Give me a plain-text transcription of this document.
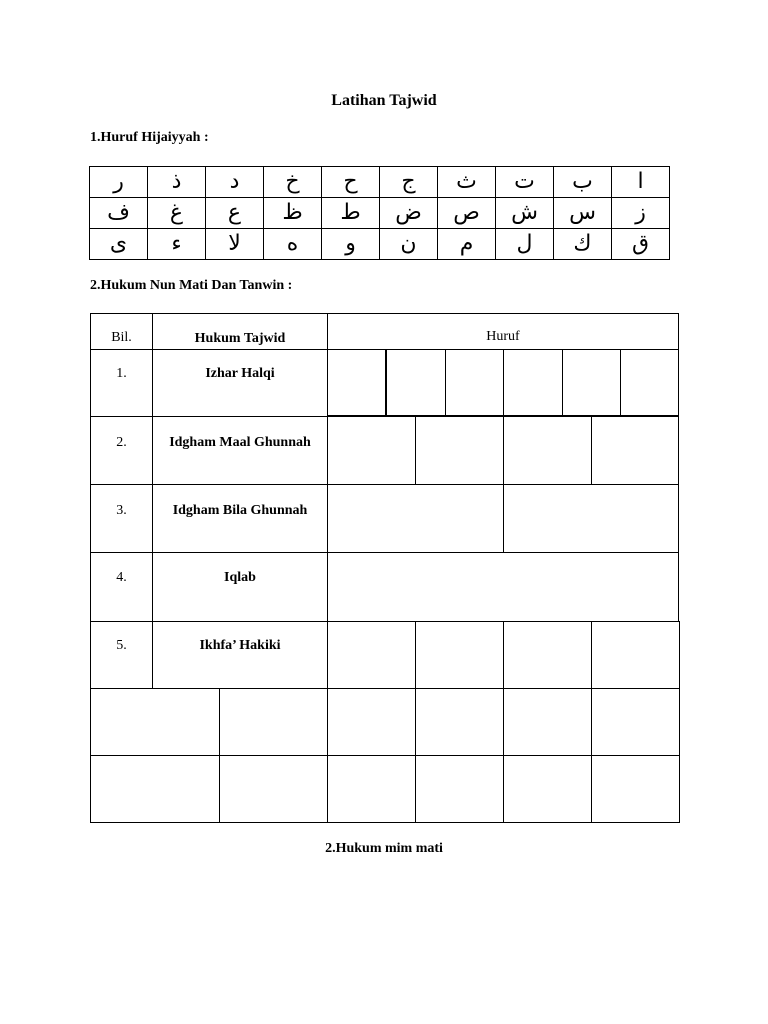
Latihan Tajwid
1.Huruf Hijaiyyah :
ر	ذ	د	خ	ح	ج	ث	ت	ب	ا
ف	غ	ع	ظ	ط	ض	ص	ش	س	ز
ى	ء	لا	ه	و	ن	م	ل	ك	ق
2.Hukum Nun Mati Dan Tanwin :
Bil.	Hukum Tajwid	Huruf
1.	Izhar Halqi
2.	Idgham Maal Ghunnah
3.	Idgham Bila Ghunnah
4.	Iqlab
5.	Ikhfa’ Hakiki
2.Hukum mim mati
